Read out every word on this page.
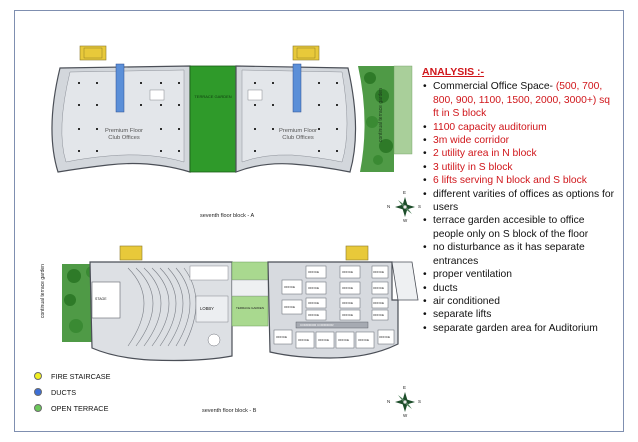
Premium Floor Club Offices
Premium Floor Club Offices
TERRACE GARDEN	continual terrace garden
seventh floor block - A
E
N	S
W
continual terrace garden	STAGE
LOBBY	TERRACE GARDEN
CORRIDOR CORRIDOR
seventh floor block - B
OFFICE	OFFICE	OFFICE
OFFICE	OFFICE	OFFICE
OFFICE	OFFICE	OFFICE
OFFICE	OFFICE	OFFICE
OFFICE
OFFICE
OFFICE	OFFICE	OFFICE	OFFICE
OFFICE
OFFICE
E
N	S
W
ANALYSIS :-
• Commercial Office Space- (500, 700, 800, 900, 1100, 1500, 2000, 3000+) sq ft in S block
• 1100 capacity auditorium
• 3m wide corridor
• 2 utility area in N block
• 3 utility in S block
• 6 lifts serving N block and S block
• different varities of offices as options for users
• terrace garden accesible to office people only on S block of the floor
• no disturbance as it has separate entrances
• proper ventilation
• ducts
• air conditioned
• separate lifts
• separate garden area for Auditorium
FIRE STAIRCASE
DUCTS
OPEN TERRACE
